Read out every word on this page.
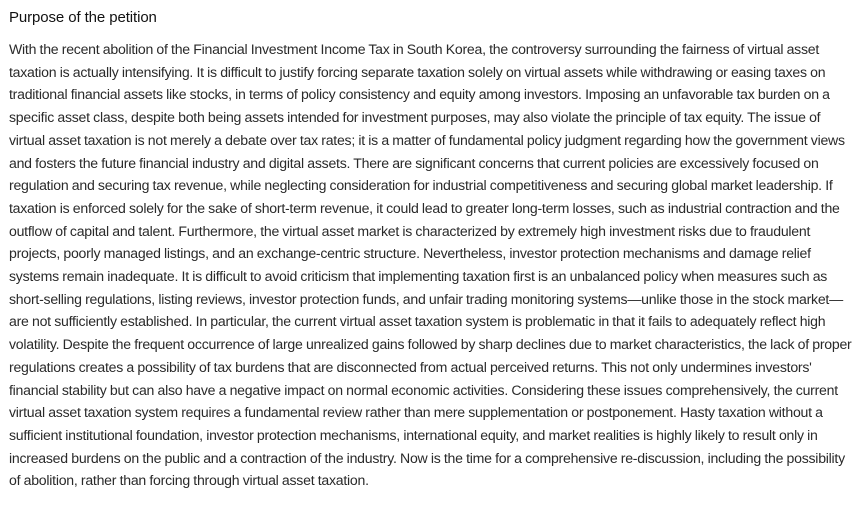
Purpose of the petition

With the recent abolition of the Financial Investment Income Tax in South Korea, the controversy surrounding the fairness of virtual asset taxation is actually intensifying. It is difficult to justify forcing separate taxation solely on virtual assets while withdrawing or easing taxes on traditional financial assets like stocks, in terms of policy consistency and equity among investors. Imposing an unfavorable tax burden on a specific asset class, despite both being assets intended for investment purposes, may also violate the principle of tax equity. The issue of virtual asset taxation is not merely a debate over tax rates; it is a matter of fundamental policy judgment regarding how the government views and fosters the future financial industry and digital assets. There are significant concerns that current policies are excessively focused on regulation and securing tax revenue, while neglecting consideration for industrial competitiveness and securing global market leadership. If taxation is enforced solely for the sake of short-term revenue, it could lead to greater long-term losses, such as industrial contraction and the outflow of capital and talent. Furthermore, the virtual asset market is characterized by extremely high investment risks due to fraudulent projects, poorly managed listings, and an exchange-centric structure. Nevertheless, investor protection mechanisms and damage relief systems remain inadequate. It is difficult to avoid criticism that implementing taxation first is an unbalanced policy when measures such as short-selling regulations, listing reviews, investor protection funds, and unfair trading monitoring systems—unlike those in the stock market—are not sufficiently established. In particular, the current virtual asset taxation system is problematic in that it fails to adequately reflect high volatility. Despite the frequent occurrence of large unrealized gains followed by sharp declines due to market characteristics, the lack of proper regulations creates a possibility of tax burdens that are disconnected from actual perceived returns. This not only undermines investors' financial stability but can also have a negative impact on normal economic activities. Considering these issues comprehensively, the current virtual asset taxation system requires a fundamental review rather than mere supplementation or postponement. Hasty taxation without a sufficient institutional foundation, investor protection mechanisms, international equity, and market realities is highly likely to result only in increased burdens on the public and a contraction of the industry. Now is the time for a comprehensive re-discussion, including the possibility of abolition, rather than forcing through virtual asset taxation.
